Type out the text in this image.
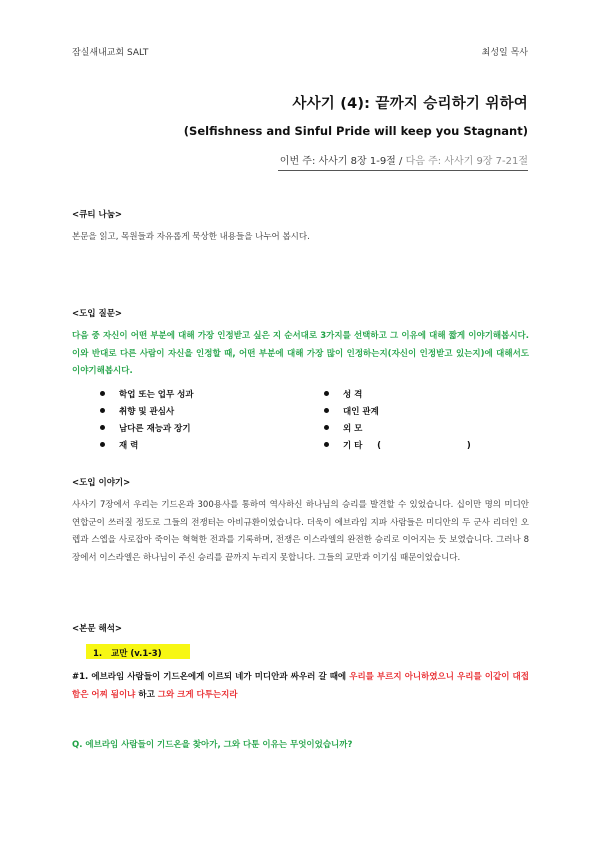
잠실새내교회 SALT	최성일 목사
사사기 (4): 끝까지 승리하기 위하여
(Selfishness and Sinful Pride will keep you Stagnant)
이번 주: 사사기 8장 1-9절 / 다음 주: 사사기 9장 7-21절
<큐티 나눔>
본문을 읽고, 목원들과 자유롭게 묵상한 내용들을 나누어 봅시다.
<도입 질문>
다음 중 자신이 어떤 부분에 대해 가장 인정받고 싶은 지 순서대로 3가지를 선택하고 그 이유에 대해 짧게 이야기해봅시다. 이와 반대로 다른 사람이 자신을 인정할 때, 어떤 부분에 대해 가장 많이 인정하는지(자신이 인정받고 있는지)에 대해서도 이야기해봅시다.
학업 또는 업무 성과
취향 및 관심사
남다른 재능과 장기
재 력
성 격
대인 관계
외 모
기 타     (                             )
<도입 이야기>
사사기 7장에서 우리는 기드온과 300용사를 통하여 역사하신 하나님의 승리를 발견할 수 있었습니다. 십이만 명의 미디안 연합군이 쓰러질 정도로 그들의 전쟁터는 아비규환이었습니다. 더욱이 에브라임 지파 사람들은 미디안의 두 군사 리더인 오렙과 스엡을 사로잡아 죽이는 혁혁한 전과를 기록하며, 전쟁은 이스라엘의 완전한 승리로 이어지는 듯 보였습니다. 그러나 8장에서 이스라엘은 하나님이 주신 승리를 끝까지 누리지 못합니다. 그들의 교만과 이기심 때문이었습니다.
<본문 해석>
1.   교만 (v.1-3)
#1. 에브라임 사람들이 기드온에게 이르되 네가 미디안과 싸우러 갈 때에 우리를 부르지 아니하였으니 우리를 이같이 대접함은 어찌 됨이냐 하고 그와 크게 다투는지라
Q. 에브라임 사람들이 기드온을 찾아가, 그와 다툰 이유는 무엇이었습니까?
